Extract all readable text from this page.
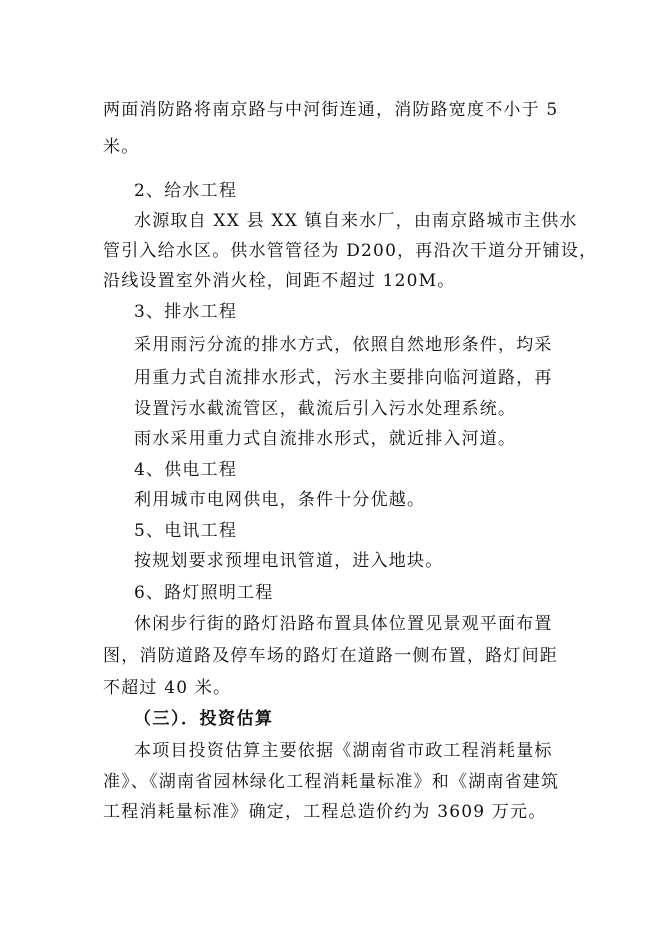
两面消防路将南京路与中河街连通，消防路宽度不小于 5
米。
2、给水工程
水源取自 XX 县 XX 镇自来水厂，由南京路城市主供水
管引入给水区。供水管管径为 D200，再沿次干道分开铺设，
沿线设置室外消火栓，间距不超过 120M。
3、排水工程
采用雨污分流的排水方式，依照自然地形条件，均采
用重力式自流排水形式，污水主要排向临河道路，再
设置污水截流管区，截流后引入污水处理系统。
雨水采用重力式自流排水形式，就近排入河道。
4、供电工程
利用城市电网供电，条件十分优越。
5、电讯工程
按规划要求预埋电讯管道，进入地块。
6、路灯照明工程
休闲步行街的路灯沿路布置具体位置见景观平面布置
图，消防道路及停车场的路灯在道路一侧布置，路灯间距
不超过 40 米。
（三）．投资估算
本项目投资估算主要依据《湖南省市政工程消耗量标
准》、《湖南省园林绿化工程消耗量标准》和《湖南省建筑
工程消耗量标准》确定，工程总造价约为 3609 万元。
